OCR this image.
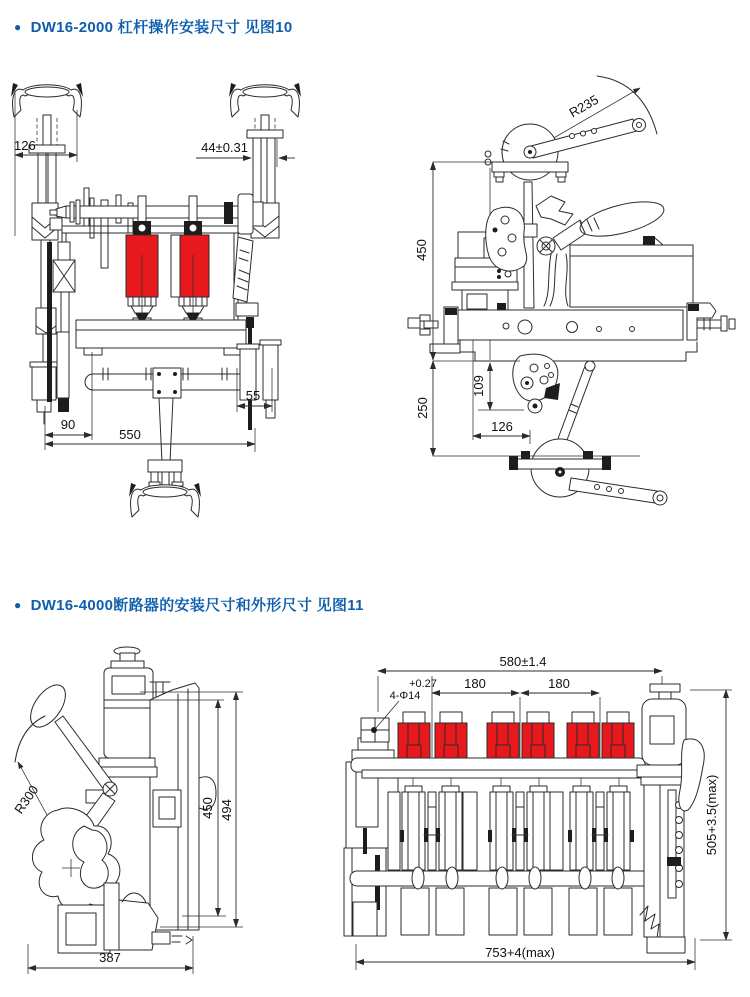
● DW16-2000 杠杆操作安装尺寸 见图10
126	44±0.31
90
550
55
R235
450
109
250
126
● DW16-4000断路器的安装尺寸和外形尺寸 见图11
R300	450 494
387
580±1.4
+0.27
4-Φ14
180	180
505+3.5(max)
753+4(max)
